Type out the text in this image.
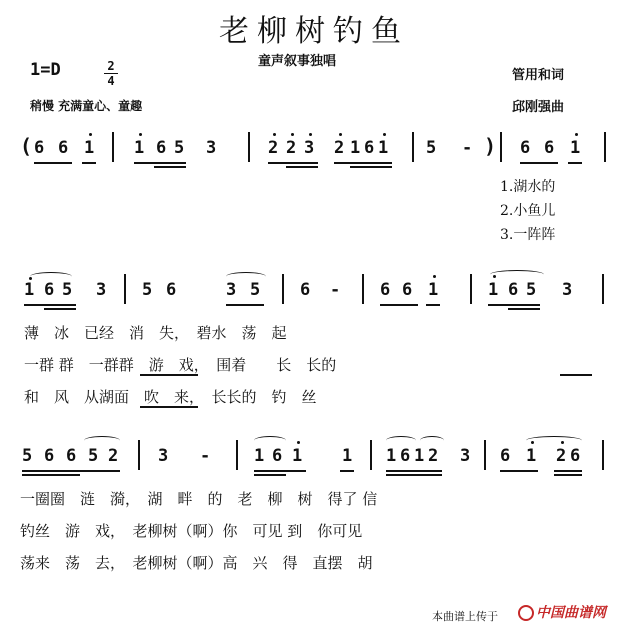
老柳树钓鱼
童声叙事独唱
1=D	2
4
稍慢 充满童心、童趣
管用和词
邱刚强曲
( 6 6 1 1 6 5 3	2 2 3 2 1 6 1 5 - ) 6 6 1
1.湖水的
2.小鱼儿
3.一阵阵
1 6 5 3 5 6	3 5 6 - 6 6 1	1 6 5 3
薄　冰　已经　消　失，　碧水　荡　起
一群 群　一群群　游　戏，　围着　　长　长的
和　风　从湖面　吹　来，　长长的　钓　丝
5 6 6 5 2 3 -	1 6 1 1 1 6 1 2 3 6 1 2 6
一圈圈　涟　漪，　湖　畔　的　老　柳　树　得了 信
钓丝　游　戏，　老柳树（啊）你　可见 到　你可见
荡来　荡　去，　老柳树（啊）高　兴　得　直摆　胡
本曲谱上传于	中国曲谱网
